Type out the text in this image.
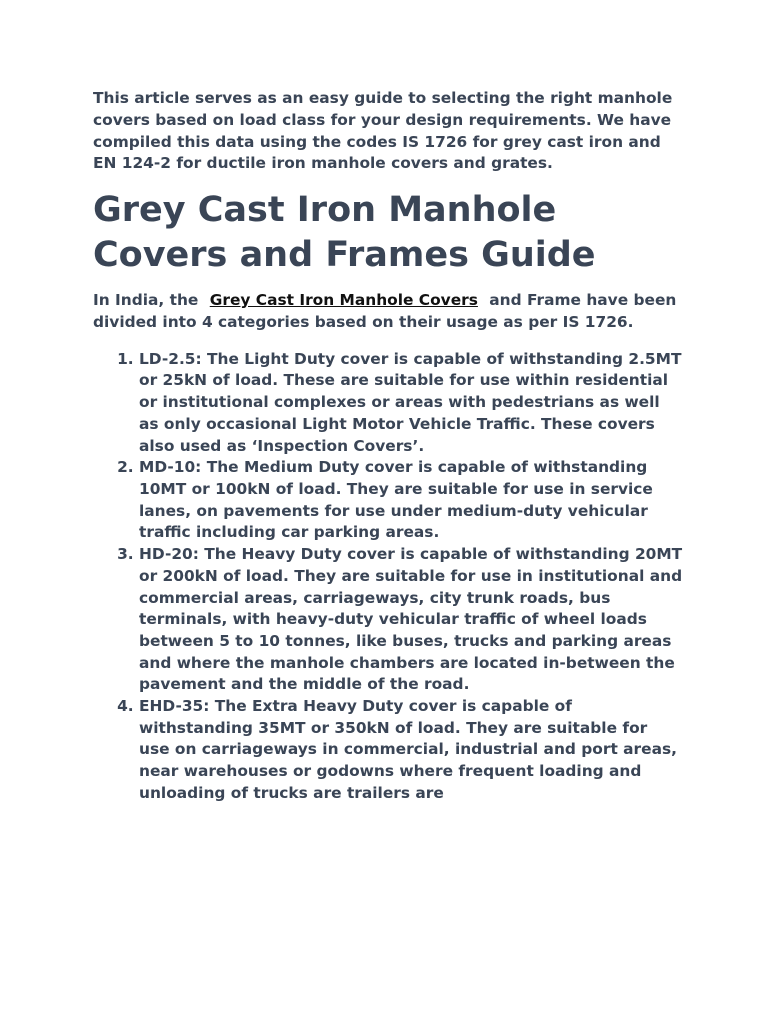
This article serves as an easy guide to selecting the right manhole covers based on load class for your design requirements. We have compiled this data using the codes IS 1726 for grey cast iron and EN 124-2 for ductile iron manhole covers and grates.

Grey Cast Iron Manhole Covers and Frames Guide

In India, the Grey Cast Iron Manhole Covers and Frame have been divided into 4 categories based on their usage as per IS 1726.

1. LD-2.5: The Light Duty cover is capable of withstanding 2.5MT or 25kN of load. These are suitable for use within residential or institutional complexes or areas with pedestrians as well as only occasional Light Motor Vehicle Traffic. These covers also used as ‘Inspection Covers’.
2. MD-10: The Medium Duty cover is capable of withstanding 10MT or 100kN of load. They are suitable for use in service lanes, on pavements for use under medium-duty vehicular traffic including car parking areas.
3. HD-20: The Heavy Duty cover is capable of withstanding 20MT or 200kN of load. They are suitable for use in institutional and commercial areas, carriageways, city trunk roads, bus terminals, with heavy-duty vehicular traffic of wheel loads between 5 to 10 tonnes, like buses, trucks and parking areas and where the manhole chambers are located in-between the pavement and the middle of the road.
4. EHD-35: The Extra Heavy Duty cover is capable of withstanding 35MT or 350kN of load. They are suitable for use on carriageways in commercial, industrial and port areas, near warehouses or godowns where frequent loading and unloading of trucks are trailers are
